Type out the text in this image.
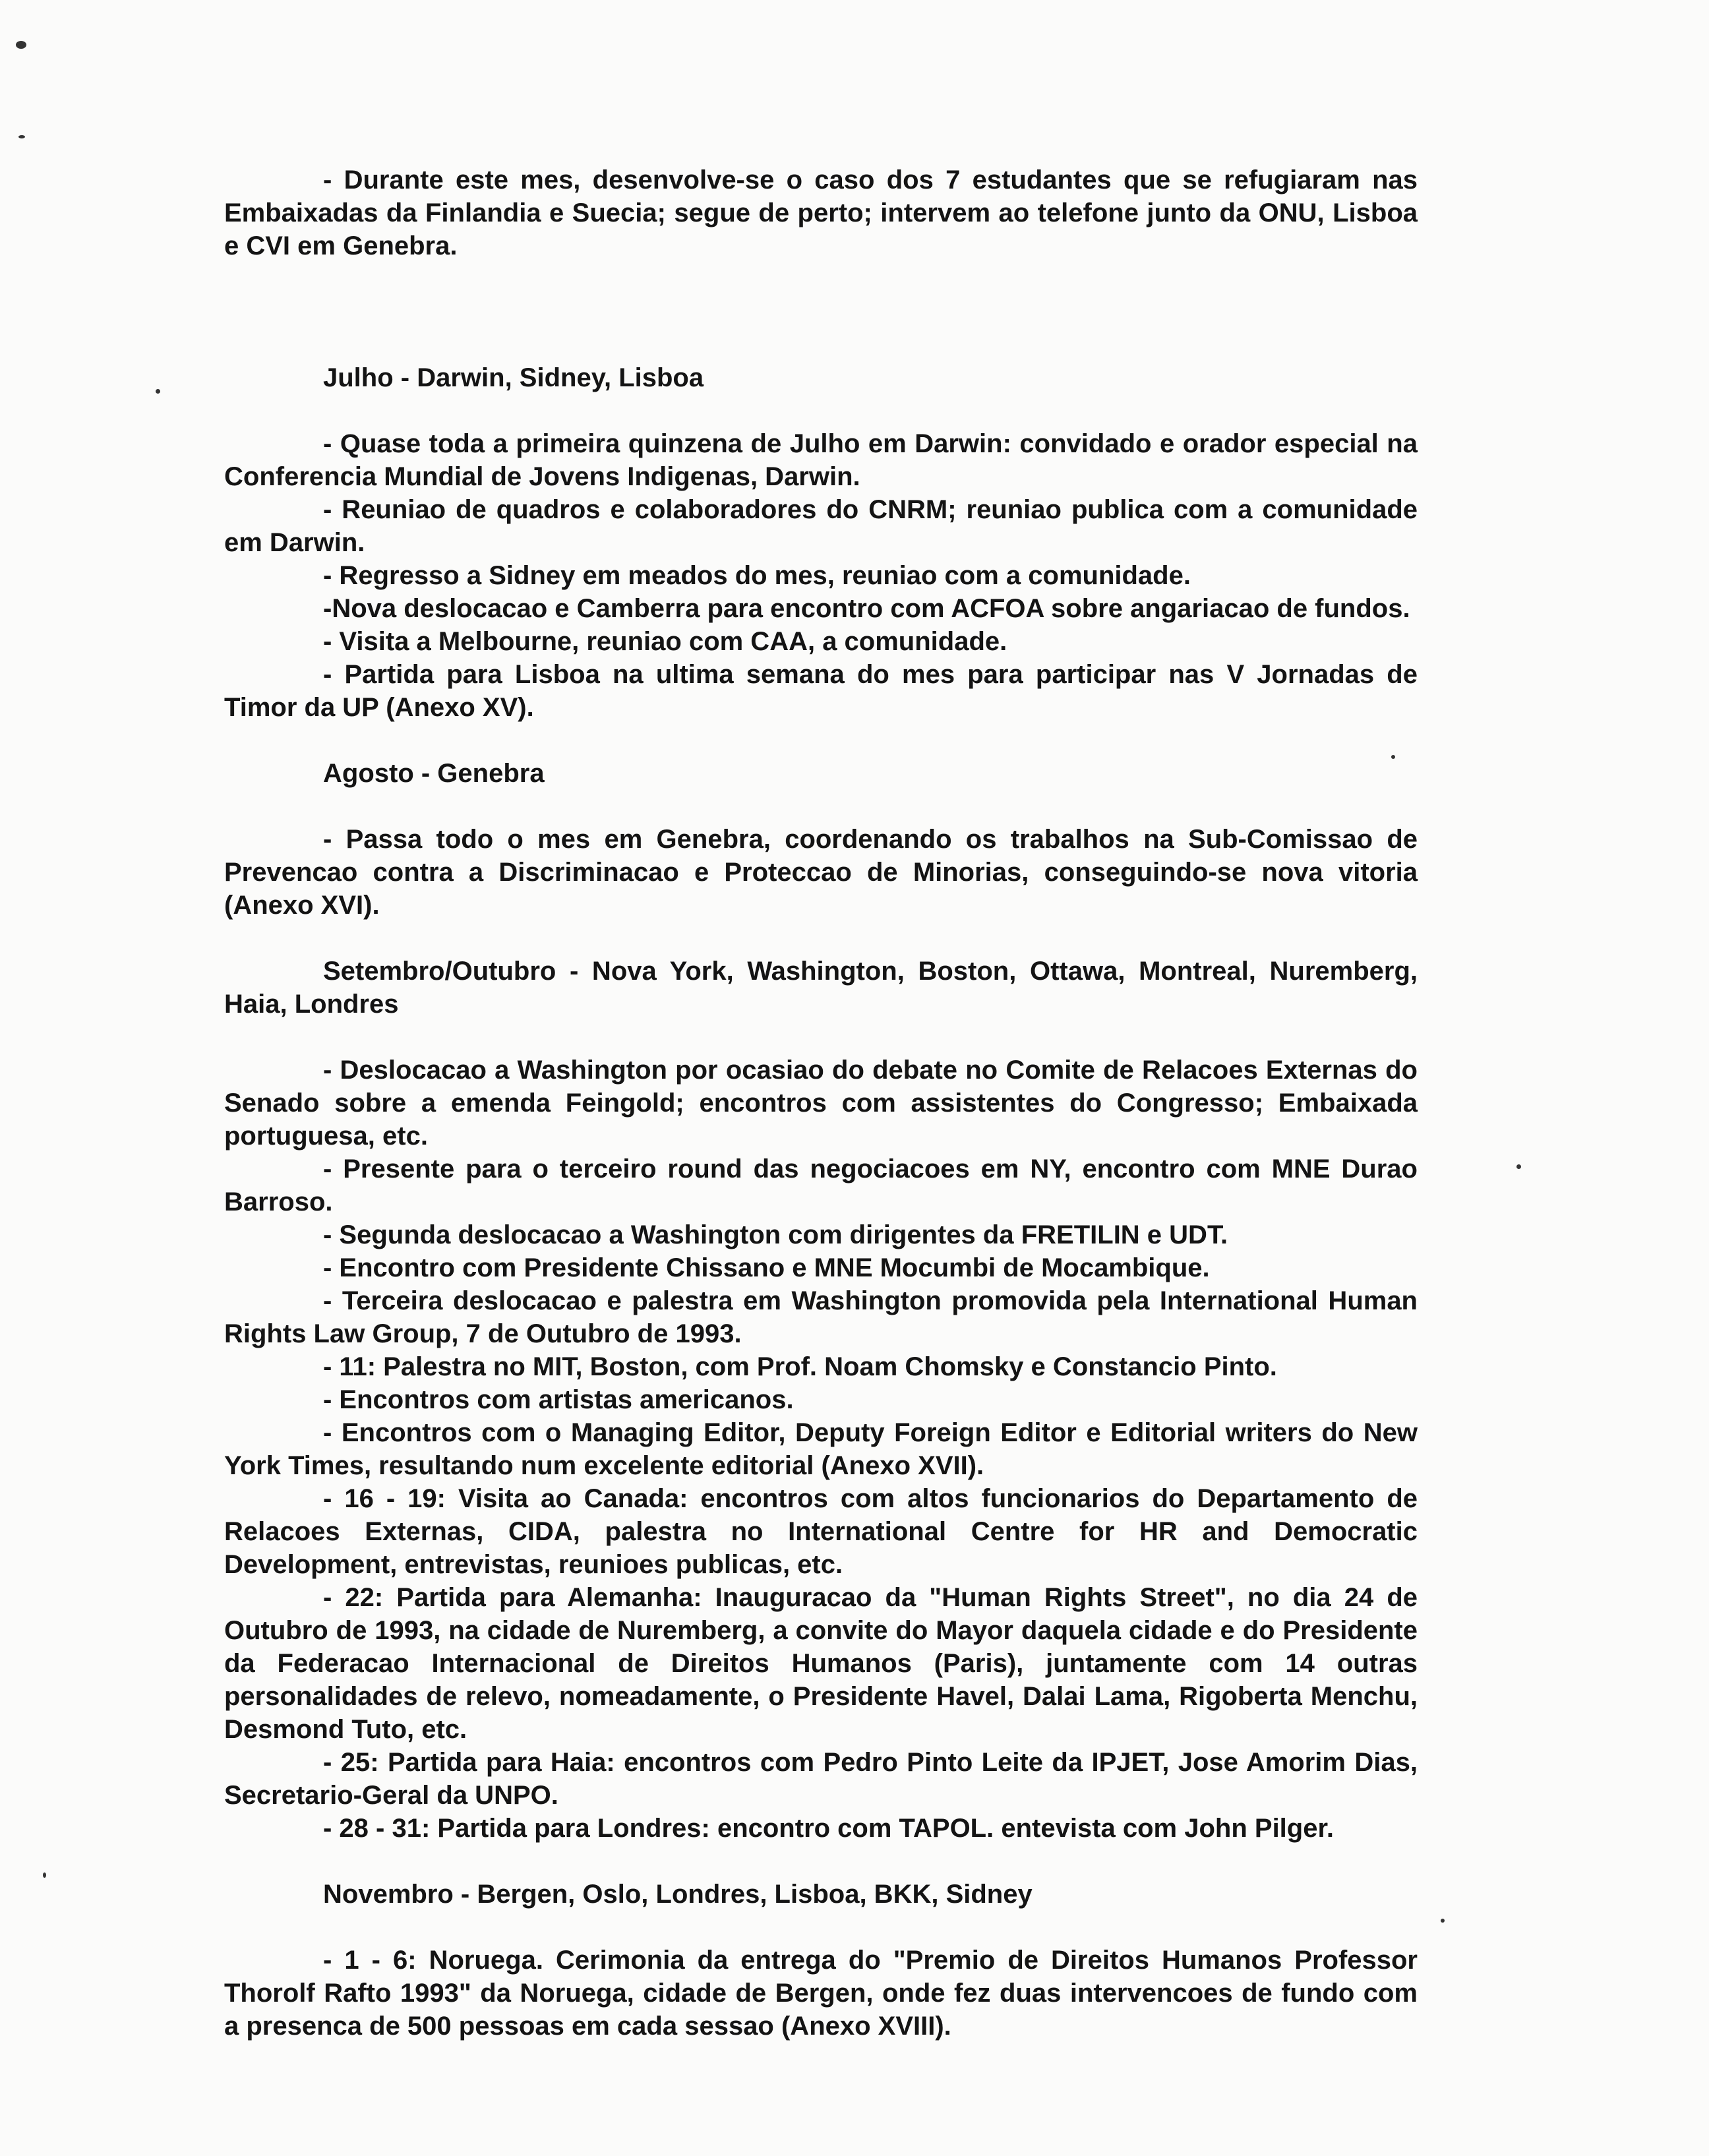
- Durante este mes, desenvolve-se o caso dos 7 estudantes que se refugiaram nas Embaixadas da Finlandia e Suecia; segue de perto; intervem ao telefone junto da ONU, Lisboa e CVI em Genebra.

Julho - Darwin, Sidney, Lisboa

- Quase toda a primeira quinzena de Julho em Darwin: convidado e orador especial na Conferencia Mundial de Jovens Indigenas, Darwin.

- Reuniao de quadros e colaboradores do CNRM; reuniao publica com a comunidade em Darwin.

- Regresso a Sidney em meados do mes, reuniao com a comunidade.

-Nova deslocacao e Camberra para encontro com ACFOA sobre angariacao de fundos.

- Visita a Melbourne, reuniao com CAA, a comunidade.

- Partida para Lisboa na ultima semana do mes para participar nas V Jornadas de Timor da UP (Anexo XV).

Agosto - Genebra

- Passa todo o mes em Genebra, coordenando os trabalhos na Sub-Comissao de Prevencao contra a Discriminacao e Proteccao de Minorias, conseguindo-se nova vitoria (Anexo XVI).

Setembro/Outubro - Nova York, Washington, Boston, Ottawa, Montreal, Nuremberg, Haia, Londres

- Deslocacao a Washington por ocasiao do debate no Comite de Relacoes Externas do Senado sobre a emenda Feingold; encontros com assistentes do Congresso; Embaixada portuguesa, etc.

- Presente para o terceiro round das negociacoes em NY, encontro com MNE Durao Barroso.

- Segunda deslocacao a Washington com dirigentes da FRETILIN e UDT.

- Encontro com Presidente Chissano e MNE Mocumbi de Mocambique.

- Terceira deslocacao e palestra em Washington promovida pela International Human Rights Law Group, 7 de Outubro de 1993.

- 11: Palestra no MIT, Boston, com Prof. Noam Chomsky e Constancio Pinto.

- Encontros com artistas americanos.

- Encontros com o Managing Editor, Deputy Foreign Editor e Editorial writers do New York Times, resultando num excelente editorial (Anexo XVII).

- 16 - 19: Visita ao Canada: encontros com altos funcionarios do Departamento de Relacoes Externas, CIDA, palestra no International Centre for HR and Democratic Development, entrevistas, reunioes publicas, etc.

- 22: Partida para Alemanha: Inauguracao da "Human Rights Street", no dia 24 de Outubro de 1993, na cidade de Nuremberg, a convite do Mayor daquela cidade e do Presidente da Federacao Internacional de Direitos Humanos (Paris), juntamente com 14 outras personalidades de relevo, nomeadamente, o Presidente Havel, Dalai Lama, Rigoberta Menchu, Desmond Tuto, etc.

- 25: Partida para Haia: encontros com Pedro Pinto Leite da IPJET, Jose Amorim Dias, Secretario-Geral da UNPO.

- 28 - 31: Partida para Londres: encontro com TAPOL. entevista com John Pilger.

Novembro - Bergen, Oslo, Londres, Lisboa, BKK, Sidney

- 1 - 6: Noruega. Cerimonia da entrega do "Premio de Direitos Humanos Professor Thorolf Rafto 1993" da Noruega, cidade de Bergen, onde fez duas intervencoes de fundo com a presenca de 500 pessoas em cada sessao (Anexo XVIII).
